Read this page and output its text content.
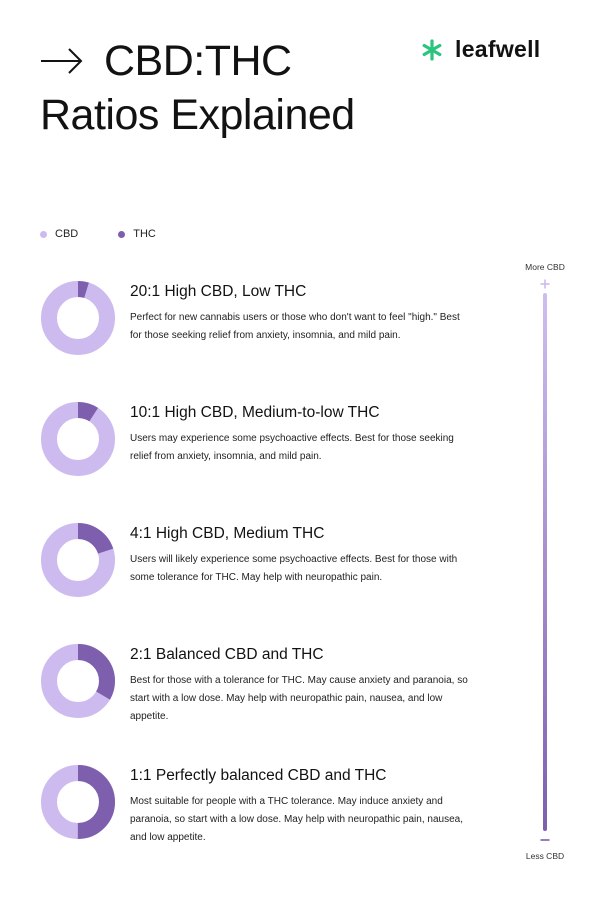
CBD:THC
Ratios Explained
leafwell
CBD	THC
20:1 High CBD, Low THC
Perfect for new cannabis users or those who don't want to feel "high." Best for those seeking relief from anxiety, insomnia, and mild pain.
10:1 High CBD, Medium-to-low THC
Users may experience some psychoactive effects. Best for those seeking relief from anxiety, insomnia, and mild pain.
4:1 High CBD, Medium THC
Users will likely experience some psychoactive effects. Best for those with some tolerance for THC. May help with neuropathic pain.
2:1 Balanced CBD and THC
Best for those with a tolerance for THC. May cause anxiety and paranoia, so start with a low dose. May help with neuropathic pain, nausea, and low appetite.
1:1 Perfectly balanced CBD and THC
Most suitable for people with a THC tolerance. May induce anxiety and paranoia, so start with a low dose. May help with neuropathic pain, nausea, and low appetite.
More CBD
Less CBD
